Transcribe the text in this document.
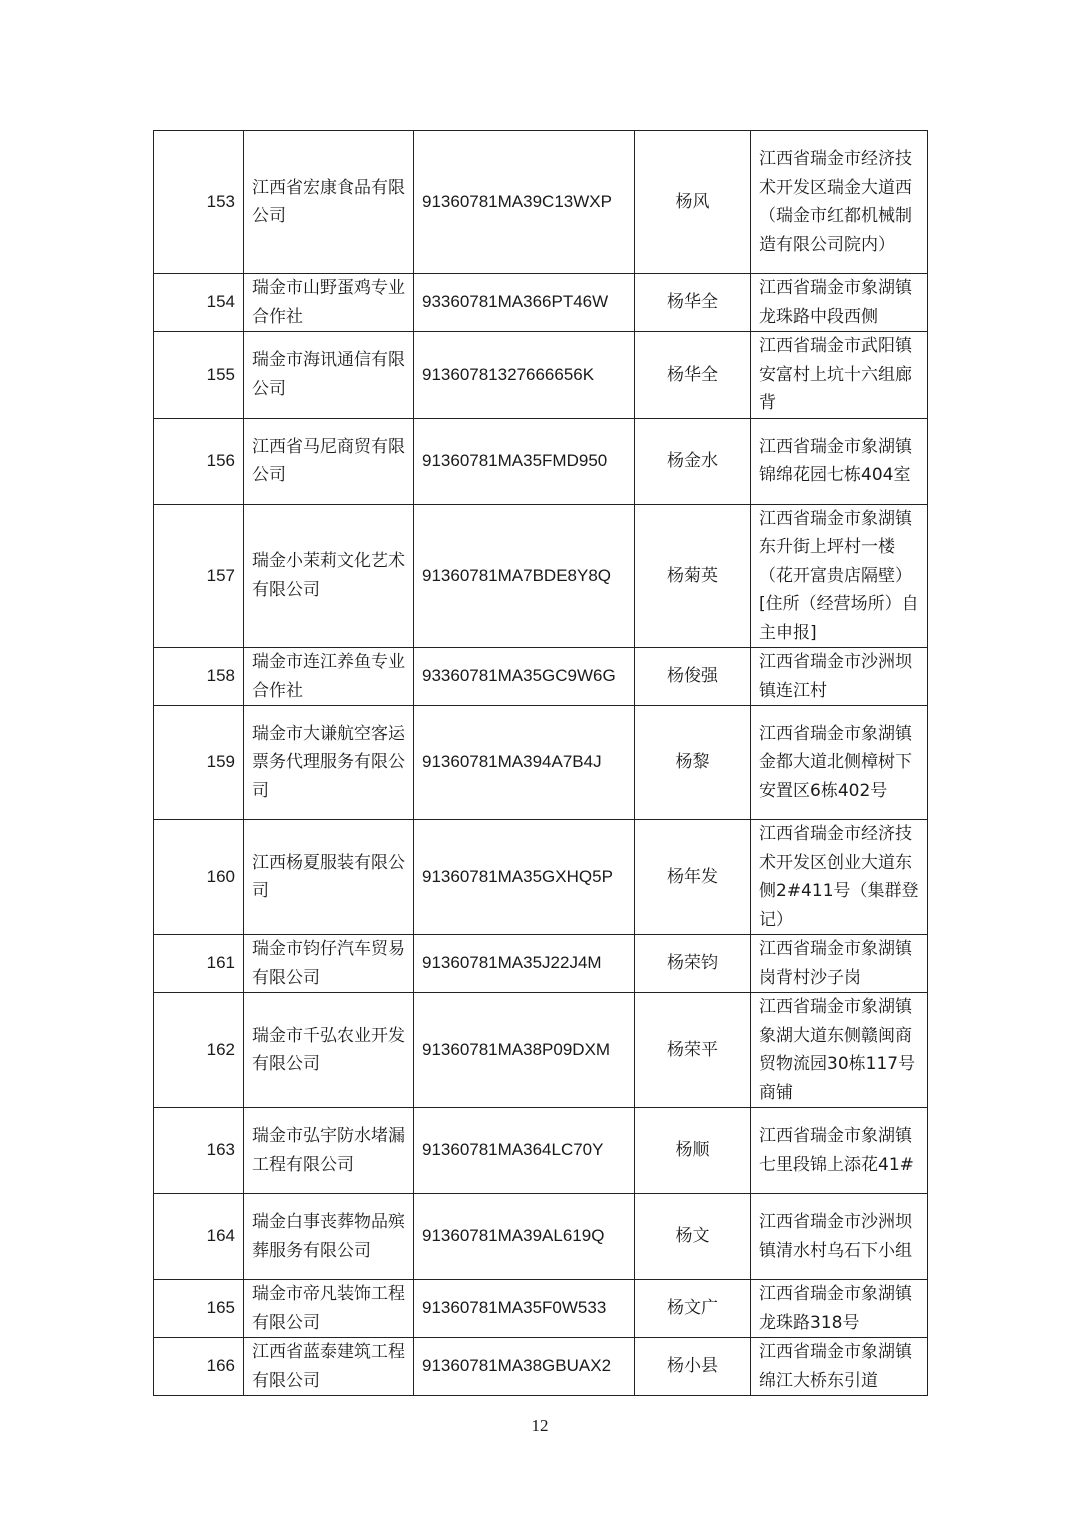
153	江西省宏康食品有限公司	91360781MA39C13WXP	杨风	江西省瑞金市经济技术开发区瑞金大道西（瑞金市红都机械制造有限公司院内）
154	瑞金市山野蛋鸡专业合作社	93360781MA366PT46W	杨华全	江西省瑞金市象湖镇龙珠路中段西侧
155	瑞金市海讯通信有限公司	91360781327666656K	杨华全	江西省瑞金市武阳镇安富村上坑十六组廊背
156	江西省马尼商贸有限公司	91360781MA35FMD950	杨金水	江西省瑞金市象湖镇锦绵花园七栋404室
157	瑞金小茉莉文化艺术有限公司	91360781MA7BDE8Y8Q	杨菊英	江西省瑞金市象湖镇东升街上坪村一楼（花开富贵店隔壁）[住所（经营场所）自主申报]
158	瑞金市连江养鱼专业合作社	93360781MA35GC9W6G	杨俊强	江西省瑞金市沙洲坝镇连江村
159	瑞金市大谦航空客运票务代理服务有限公司	91360781MA394A7B4J	杨黎	江西省瑞金市象湖镇金都大道北侧樟树下安置区6栋402号
160	江西杨夏服装有限公司	91360781MA35GXHQ5P	杨年发	江西省瑞金市经济技术开发区创业大道东侧2#411号（集群登记）
161	瑞金市钧仔汽车贸易有限公司	91360781MA35J22J4M	杨荣钧	江西省瑞金市象湖镇岗背村沙子岗
162	瑞金市千弘农业开发有限公司	91360781MA38P09DXM	杨荣平	江西省瑞金市象湖镇象湖大道东侧赣闽商贸物流园30栋117号商铺
163	瑞金市弘宇防水堵漏工程有限公司	91360781MA364LC70Y	杨顺	江西省瑞金市象湖镇七里段锦上添花41#
164	瑞金白事丧葬物品殡葬服务有限公司	91360781MA39AL619Q	杨文	江西省瑞金市沙洲坝镇清水村乌石下小组
165	瑞金市帝凡装饰工程有限公司	91360781MA35F0W533	杨文广	江西省瑞金市象湖镇龙珠路318号
166	江西省蓝泰建筑工程有限公司	91360781MA38GBUAX2	杨小县	江西省瑞金市象湖镇绵江大桥东引道
12
